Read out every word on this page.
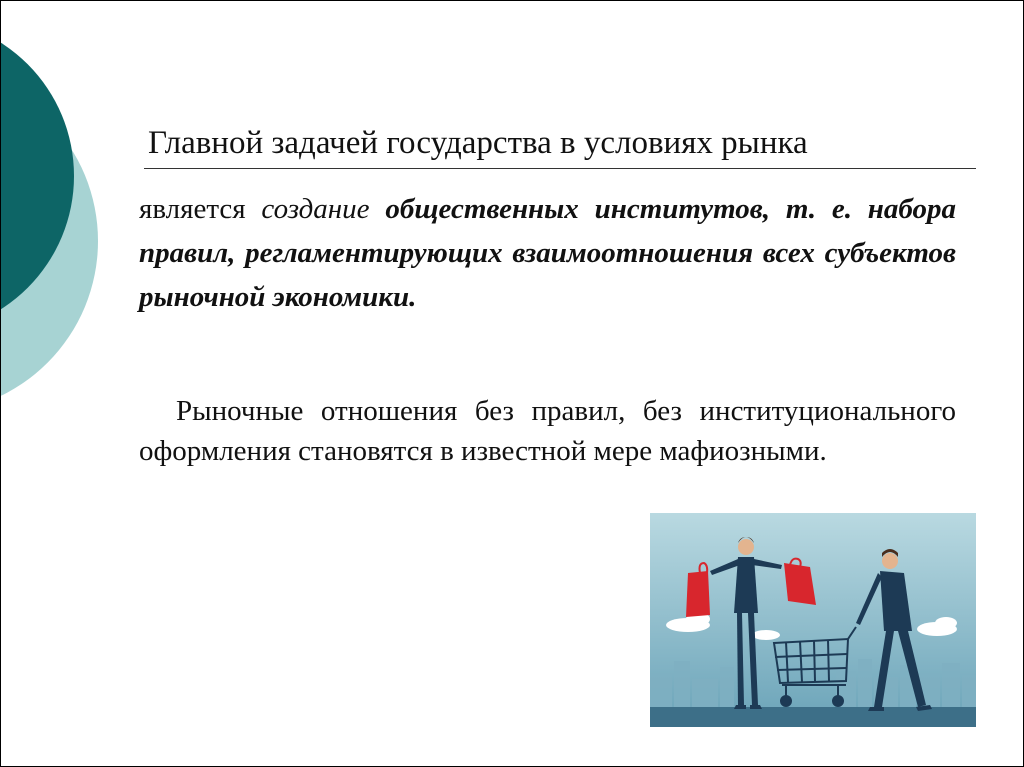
Главной задачей государства в условиях рынка
является создание общественных институтов, т. е. набора правил, регламентирующих взаимоотношения всех субъектов рыночной экономики.
Рыночные отношения без правил, без институционального оформления становятся в известной мере мафиозными.
